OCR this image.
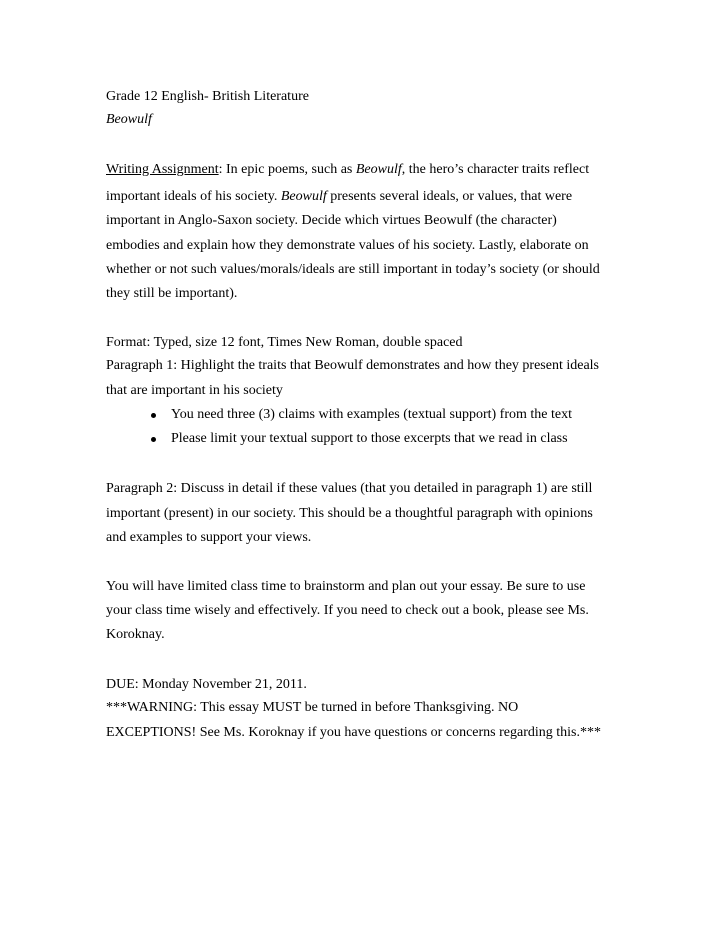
Grade 12 English- British Literature
Beowulf
Writing Assignment: In epic poems, such as Beowulf, the hero’s character traits reflect
important ideals of his society. Beowulf presents several ideals, or values, that were
important in Anglo-Saxon society. Decide which virtues Beowulf (the character)
embodies and explain how they demonstrate values of his society. Lastly, elaborate on
whether or not such values/morals/ideals are still important in today’s society (or should
they still be important).
Format: Typed, size 12 font, Times New Roman, double spaced
Paragraph 1: Highlight the traits that Beowulf demonstrates and how they present ideals
that are important in his society
You need three (3) claims with examples (textual support) from the text
Please limit your textual support to those excerpts that we read in class
Paragraph 2: Discuss in detail if these values (that you detailed in paragraph 1) are still
important (present) in our society. This should be a thoughtful paragraph with opinions
and examples to support your views.
You will have limited class time to brainstorm and plan out your essay. Be sure to use
your class time wisely and effectively. If you need to check out a book, please see Ms.
Koroknay.
DUE: Monday November 21, 2011.
***WARNING: This essay MUST be turned in before Thanksgiving. NO
EXCEPTIONS! See Ms. Koroknay if you have questions or concerns regarding this.***
